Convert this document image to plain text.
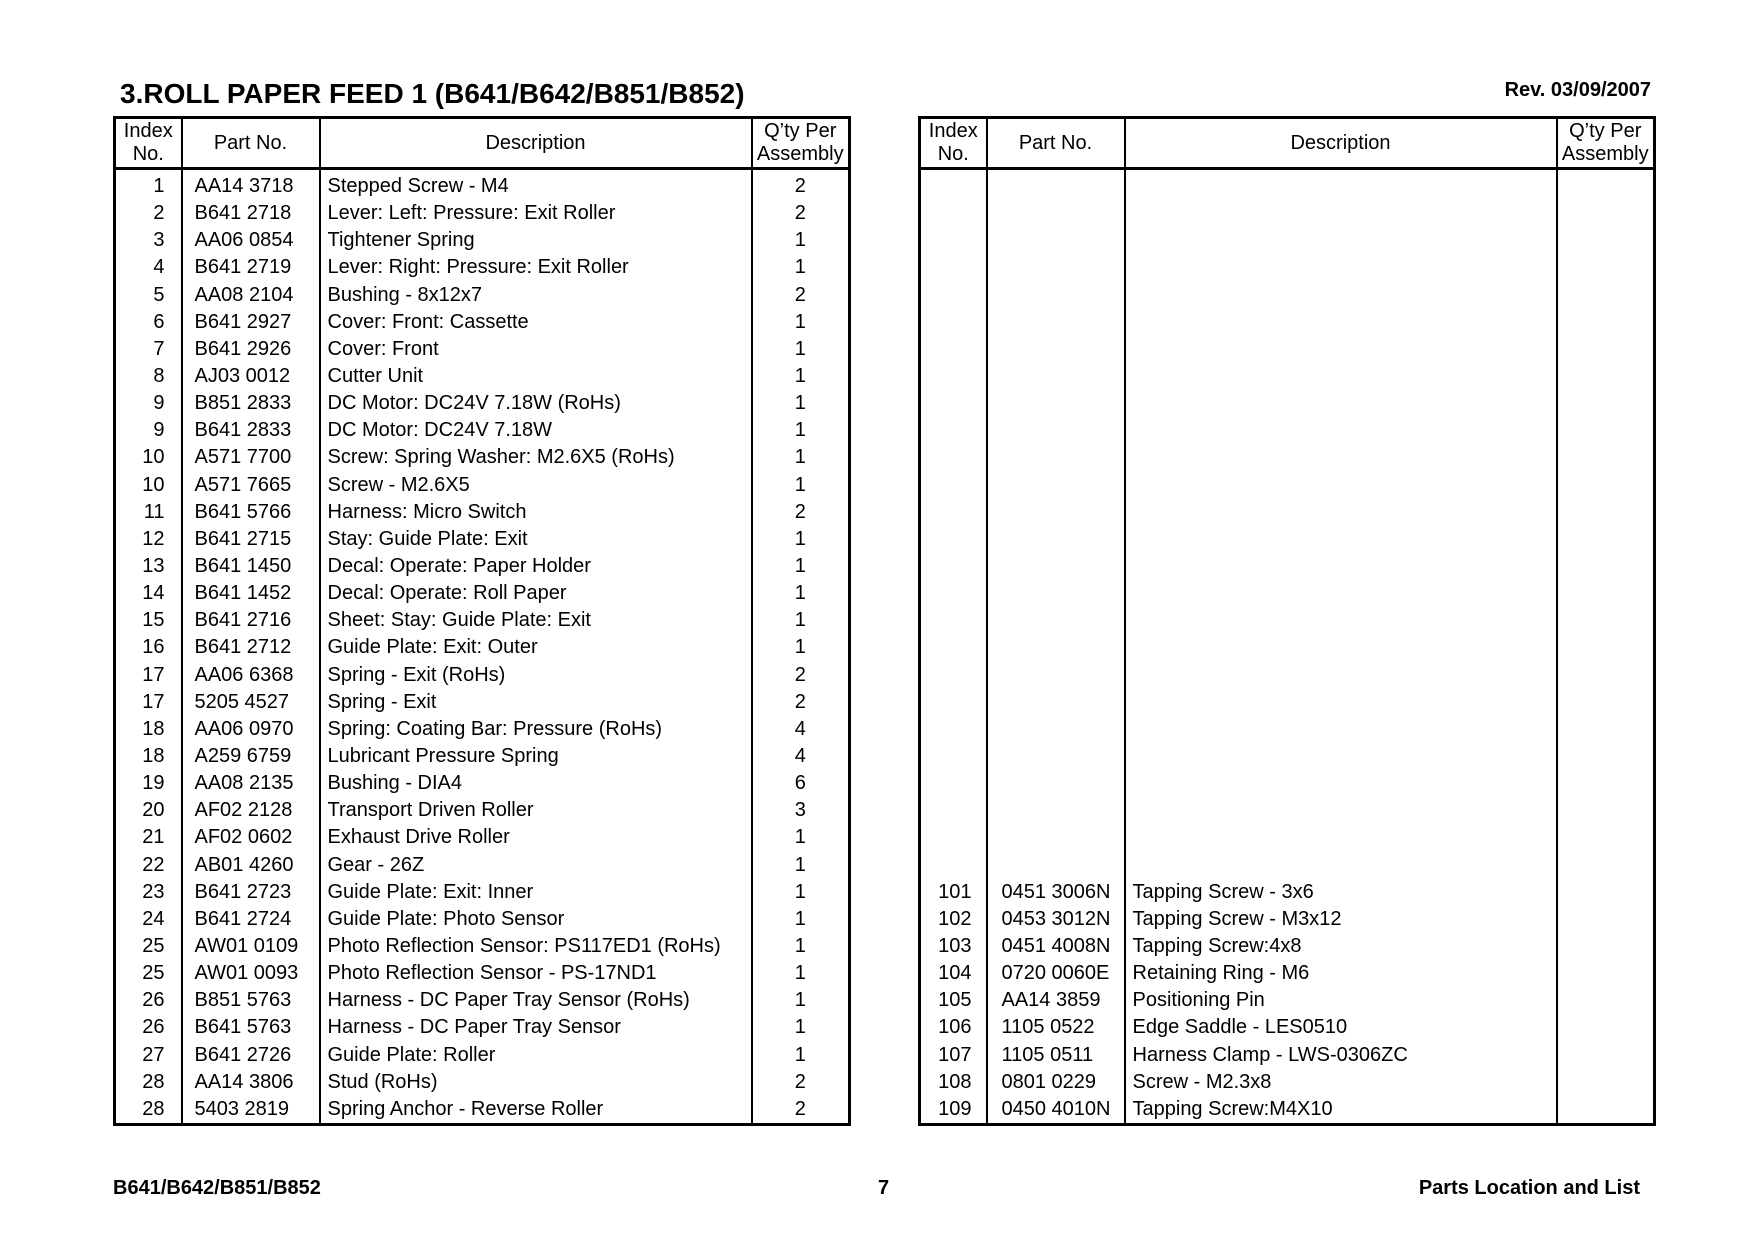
3.ROLL PAPER FEED 1 (B641/B642/B851/B852)	Rev. 03/09/2007
Index No.	Part No.	Description	Q’ty Per Assembly
1	AA14 3718	Stepped Screw - M4	2
2	B641 2718	Lever: Left: Pressure: Exit Roller	2
3	AA06 0854	Tightener Spring	1
4	B641 2719	Lever: Right: Pressure: Exit Roller	1
5	AA08 2104	Bushing - 8x12x7	2
6	B641 2927	Cover: Front: Cassette	1
7	B641 2926	Cover: Front	1
8	AJ03 0012	Cutter Unit	1
9	B851 2833	DC Motor: DC24V 7.18W (RoHs)	1
9	B641 2833	DC Motor: DC24V 7.18W	1
10	A571 7700	Screw: Spring Washer: M2.6X5 (RoHs)	1
10	A571 7665	Screw - M2.6X5	1
11	B641 5766	Harness: Micro Switch	2
12	B641 2715	Stay: Guide Plate: Exit	1
13	B641 1450	Decal: Operate: Paper Holder	1
14	B641 1452	Decal: Operate: Roll Paper	1
15	B641 2716	Sheet: Stay: Guide Plate: Exit	1
16	B641 2712	Guide Plate: Exit: Outer	1
17	AA06 6368	Spring - Exit (RoHs)	2
17	5205 4527	Spring - Exit	2
18	AA06 0970	Spring: Coating Bar: Pressure (RoHs)	4
18	A259 6759	Lubricant Pressure Spring	4
19	AA08 2135	Bushing - DIA4	6
20	AF02 2128	Transport Driven Roller	3
21	AF02 0602	Exhaust Drive Roller	1
22	AB01 4260	Gear - 26Z	1
23	B641 2723	Guide Plate: Exit: Inner	1
24	B641 2724	Guide Plate: Photo Sensor	1
25	AW01 0109	Photo Reflection Sensor: PS117ED1 (RoHs)	1
25	AW01 0093	Photo Reflection Sensor - PS-17ND1	1
26	B851 5763	Harness - DC Paper Tray Sensor (RoHs)	1
26	B641 5763	Harness - DC Paper Tray Sensor	1
27	B641 2726	Guide Plate: Roller	1
28	AA14 3806	Stud (RoHs)	2
28	5403 2819	Spring Anchor - Reverse Roller	2
Index No.	Part No.	Description	Q’ty Per Assembly

101	0451 3006N	Tapping Screw - 3x6	
102	0453 3012N	Tapping Screw - M3x12	
103	0451 4008N	Tapping Screw:4x8	
104	0720 0060E	Retaining Ring - M6	
105	AA14 3859	Positioning Pin	
106	1105 0522	Edge Saddle - LES0510	
107	1105 0511	Harness Clamp - LWS-0306ZC	
108	0801 0229	Screw - M2.3x8	
109	0450 4010N	Tapping Screw:M4X10	
B641/B642/B851/B852	7	Parts Location and List
